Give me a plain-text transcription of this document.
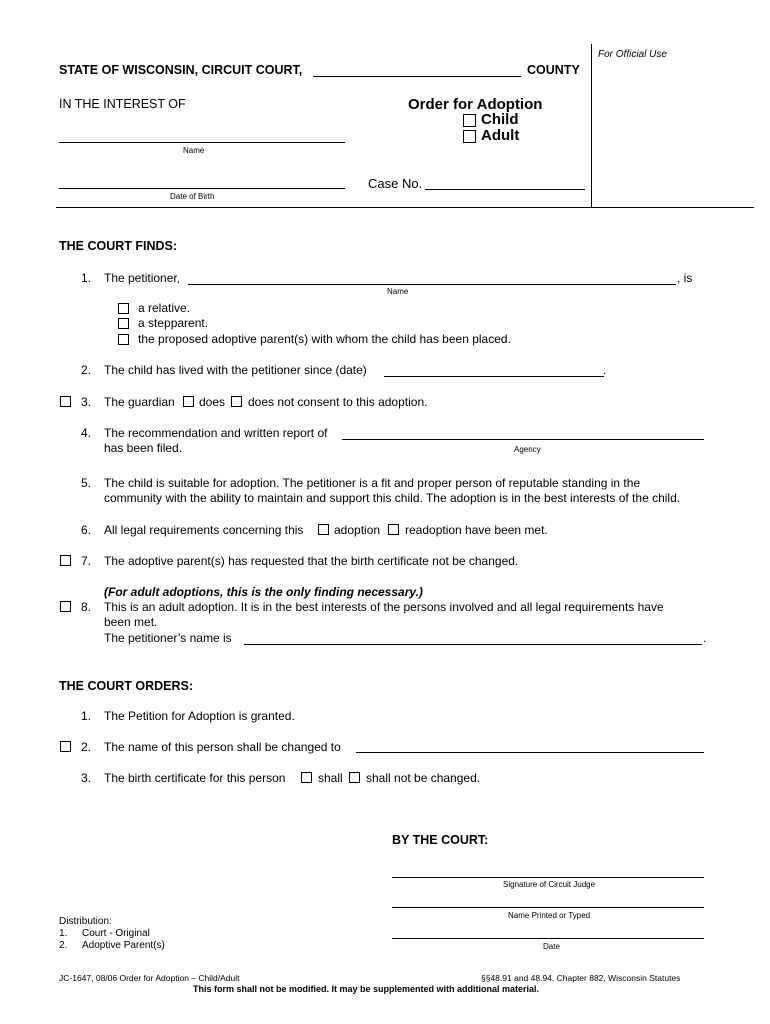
For Official Use
STATE OF WISCONSIN, CIRCUIT COURT,	COUNTY
IN THE INTEREST OF
Name
Date of Birth
Order for Adoption
Child
Adult
Case No.
THE COURT FINDS:
1. The petitioner,	, is
Name
a relative.
a stepparent.
the proposed adoptive parent(s) with whom the child has been placed.
2. The child has lived with the petitioner since (date)	.
3. The guardian does does not consent to this adoption.
4. The recommendation and written report of
has been filed.	Agency
5. The child is suitable for adoption. The petitioner is a fit and proper person of reputable standing in the
community with the ability to maintain and support this child. The adoption is in the best interests of the child.
6. All legal requirements concerning this	adoption readoption have been met.
7. The adoptive parent(s) has requested that the birth certificate not be changed.
(For adult adoptions, this is the only finding necessary.)
8. This is an adult adoption. It is in the best interests of the persons involved and all legal requirements have
been met.
The petitioner’s name is	.
THE COURT ORDERS:
1. The Petition for Adoption is granted.
2. The name of this person shall be changed to
3. The birth certificate for this person	shall shall not be changed.
BY THE COURT:
Signature of Circuit Judge
Name Printed or Typed
Date
Distribution:
1. Court - Original
2. Adoptive Parent(s)
JC-1647, 08/06 Order for Adoption – Child/Adult	§§48.91 and 48.94, Chapter 882, Wisconsin Statutes
This form shall not be modified. It may be supplemented with additional material.
